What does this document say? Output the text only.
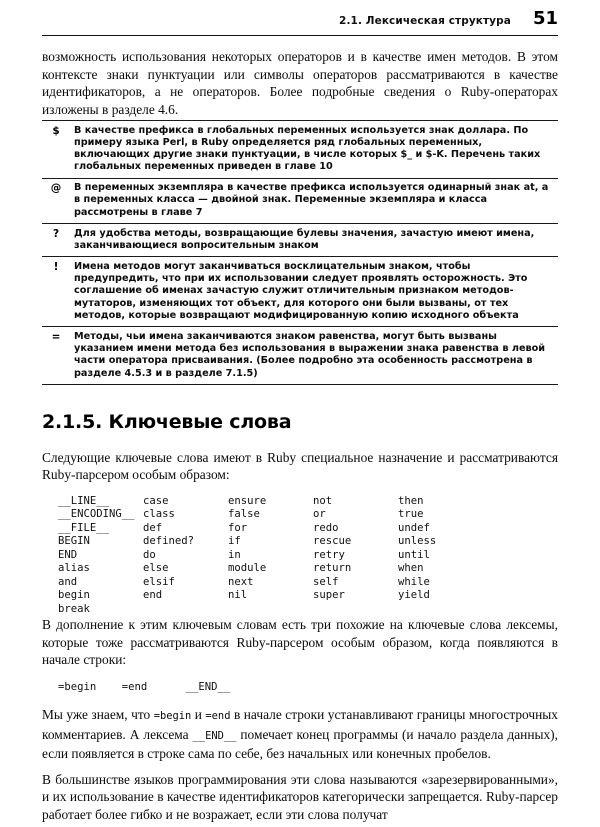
2.1. Лексическая структура 51

возможность использования некоторых операторов и в качестве имен методов. В этом контексте знаки пунктуации или символы операторов рассматриваются в качестве идентификаторов, а не операторов. Более подробные сведения о Ruby-операторах изложены в разделе 4.6.

$	В качестве префикса в глобальных переменных используется знак доллара. По примеру языка Perl, в Ruby определяется ряд глобальных переменных, включающих другие знаки пунктуации, в числе которых $_ и $-K. Перечень таких глобальных переменных приведен в главе 10
@	В переменных экземпляра в качестве префикса используется одинарный знак at, а в переменных класса — двойной знак. Переменные экземпляра и класса рассмотрены в главе 7
?	Для удобства методы, возвращающие булевы значения, зачастую имеют имена, заканчивающиеся вопросительным знаком
!	Имена методов могут заканчиваться восклицательным знаком, чтобы предупредить, что при их использовании следует проявлять осторожность. Это соглашение об именах зачастую служит отличительным признаком методов-мутаторов, изменяющих тот объект, для которого они были вызваны, от тех методов, которые возвращают модифицированную копию исходного объекта
=	Методы, чьи имена заканчиваются знаком равенства, могут быть вызваны указанием имени метода без использования в выражении знака равенства в левой части оператора присваивания. (Более подробно эта особенность рассмотрена в разделе 4.5.3 и в разделе 7.1.5)
2.1.5. Ключевые слова

Следующие ключевые слова имеют в Ruby специальное назначение и рассматриваются Ruby-парсером особым образом:

__LINE__	case	ensure	not	then
__ENCODING__ class	false	or	true
__FILE__	def	for	redo	undef
BEGIN	defined?	if	rescue	unless
END	do	in	retry	until
alias	else	module	return	when
and	elsif	next	self	while
begin	end	nil	super	yield
break

В дополнение к этим ключевым словам есть три похожие на ключевые слова лексемы, которые тоже рассматриваются Ruby-парсером особым образом, когда появляются в начале строки:

=begin    =end      __END__

Мы уже знаем, что =begin и =end в начале строки устанавливают границы многострочных комментариев. А лексема __END__ помечает конец программы (и начало раздела данных), если появляется в строке сама по себе, без начальных или конечных пробелов.

В большинстве языков программирования эти слова называются «зарезервированными», и их использование в качестве идентификаторов категорически запрещается. Ruby-парсер работает более гибко и не возражает, если эти слова получат
